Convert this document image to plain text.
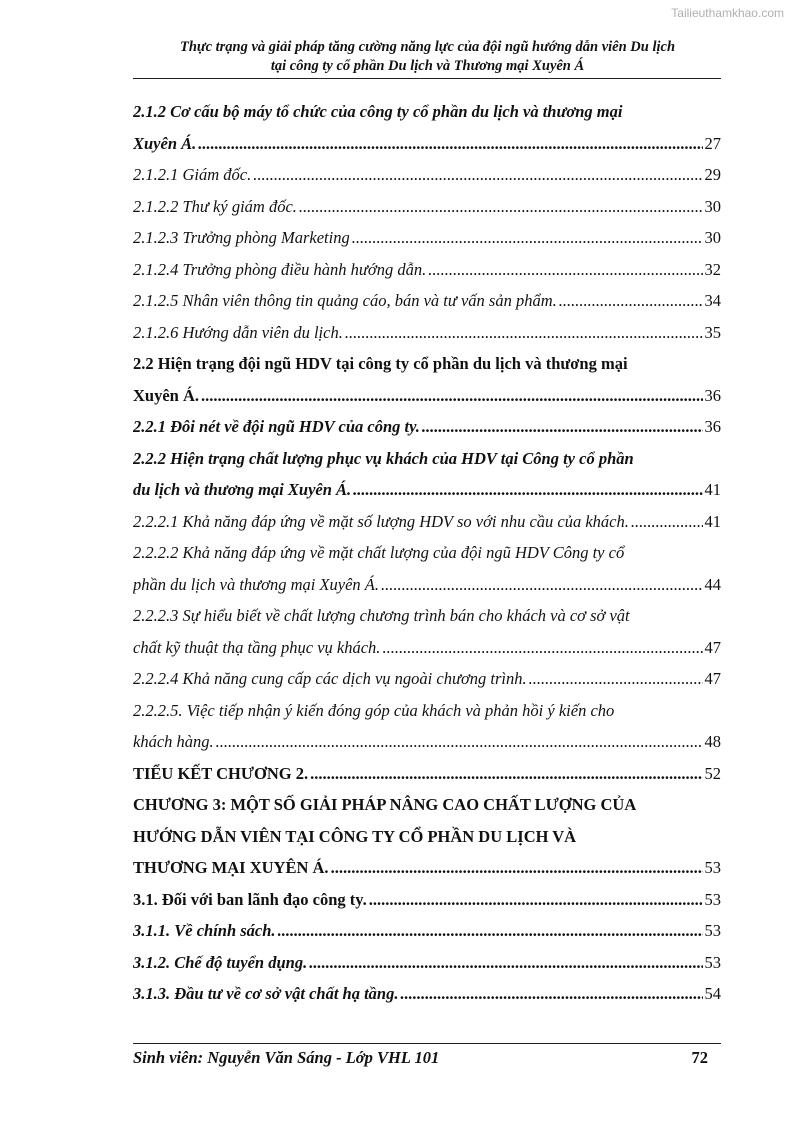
Tailieuthamkhao.com
Thực trạng và giải pháp tăng cường năng lực của đội ngũ hướng dẫn viên Du lịch
tại công ty cổ phần Du lịch và Thương mại Xuyên Á
2.1.2 Cơ cấu bộ máy tổ chức của công ty cổ phần du lịch và thương mại
Xuyên Á. .....	27
2.1.2.1 Giám đốc. .....	29
2.1.2.2 Thư ký giám đốc. .....	30
2.1.2.3 Trưởng phòng Marketing .....	30
2.1.2.4 Trưởng phòng điều hành hướng dẫn. .....	32
2.1.2.5 Nhân viên thông tin quảng cáo, bán và tư vấn sản phẩm. .....	34
2.1.2.6 Hướng dẫn viên du lịch. .....	35
2.2 Hiện trạng đội ngũ HDV tại công ty cổ phần du lịch và thương mại
Xuyên Á. .....	36
2.2.1 Đôi nét về đội ngũ HDV của công ty. .....	36
2.2.2 Hiện trạng chất lượng phục vụ khách của HDV tại Công ty cổ phần
du lịch và thương mại Xuyên Á. .....	41
2.2.2.1 Khả năng đáp ứng về mặt số lượng HDV so với nhu cầu của khách. .....	41
2.2.2.2 Khả năng đáp ứng về mặt chất lượng của đội ngũ HDV Công ty cổ
phần du lịch và thương mại Xuyên Á. .....	44
2.2.2.3 Sự hiểu biết về chất lượng chương trình bán cho khách và cơ sở vật
chất kỹ thuật thạ tầng phục vụ khách. .....	47
2.2.2.4 Khả năng cung cấp các dịch vụ ngoài chương trình. .....	47
2.2.2.5. Việc tiếp nhận ý kiến đóng góp của khách và phản hồi ý kiến cho
khách hàng. .....	48
TIỂU KẾT CHƯƠNG 2. .....	52
CHƯƠNG 3: MỘT SỐ GIẢI PHÁP NÂNG CAO CHẤT LƯỢNG CỦA
HƯỚNG DẪN VIÊN TẠI CÔNG TY CỔ PHẦN DU LỊCH VÀ
THƯƠNG MẠI XUYÊN Á. .....	53
3.1. Đối với ban lãnh đạo công ty. .....	53
3.1.1. Về chính sách. .....	53
3.1.2. Chế độ tuyển dụng. .....	53
3.1.3. Đầu tư về cơ sở vật chất hạ tầng. .....	54
Sinh viên: Nguyễn Văn Sáng - Lớp VHL 101	72
